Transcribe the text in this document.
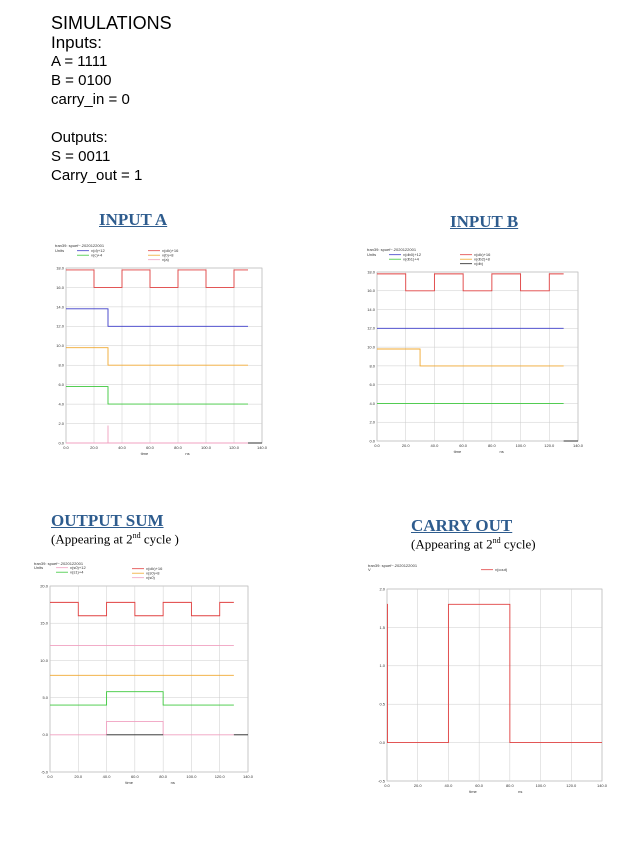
SIMULATIONS
Inputs:
A = 1111
B = 0100
carry_in = 0
Outputs:
S = 0011
Carry_out = 1
INPUT A	INPUT B
OUTPUT SUM
(Appearing at 2nd cycle )
CARRY OUT
(Appearing at 2nd cycle)
tran39: spuef~.2020122001
Units	v(d)+12
v(c)+4
v(clk)+16
v(b)+8
v(a)
0.0	20.0	40.0	60.0	80.0	100.0	120.0	140.0
0.0
2.0
4.0
6.0
8.0
10.0
12.0
14.0
16.0
18.0
time	ns
tran39: spuef~.2020122001
Units	v(db0)+12
v(db1)+4
v(clk)+16
v(db2)+8
v(db)
0.0	20.0	40.0	60.0	80.0	100.0	120.0	140.0
0.0
2.0
4.0
6.0
8.0
10.0
12.0
14.0
16.0
18.0
time	ns
tran39: spuef~.2020122001
Units	v(s0)+12
v(s1)+4
v(clk)+16
v(s0)+8
v(s0)
0.0	20.0	40.0	60.0	80.0	100.0	120.0	140.0
-5.0
0.0
5.0
10.0
15.0
20.0
time	ns
tran39: spuef~.2020122001
V	v(cout)
0.0	20.0	40.0	60.0	80.0	100.0	120.0	140.0
-0.5
0.0
0.5
1.0
1.5
2.0
time	ns
